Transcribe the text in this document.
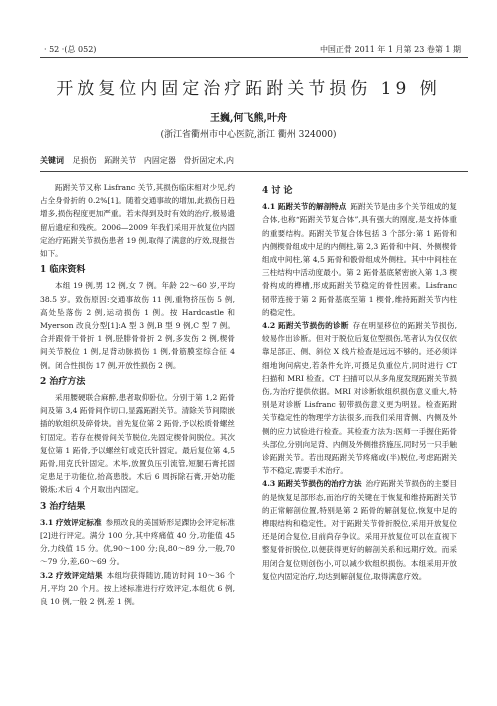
· 52 ·(总 052)	中国正骨 2011 年 1 月第 23 卷第 1 期
开放复位内固定治疗跖跗关节损伤 19 例
王巍,何飞熊,叶舟
(浙江省衢州市中心医院,浙江 衢州 324000)
关键词 足损伤 跖跗关节 内固定器 骨折固定术,内

跖跗关节又称 Lisfranc 关节,其损伤临床相对少见,约占全身骨折的 0.2%[1]。随着交通事故的增加,此损伤日趋增多,损伤程度更加严重。若未得到及时有效的治疗,极易遗留后遗症和残疾。2006—2009 年我们采用开放复位内固定治疗跖跗关节损伤患者 19 例,取得了满意的疗效,现报告如下。

1 临床资料

本组 19 例,男 12 例,女 7 例。年龄 22～60 岁,平均 38.5 岁。致伤原因:交通事故伤 11 例,重物挤压伤 5 例,高处坠落伤 2 例,运动损伤 1 例。按 Hardcastle 和 Myerson 改良分型[1]:A 型 3 例,B 型 9 例,C 型 7 例。合并跟骨干骨折 1 例,胫腓骨骨折 2 例,多发伤 2 例,楔骨间关节脱位 1 例,足背动脉损伤 1 例,骨筋膜室综合征 4 例。闭合性损伤 17 例,开放性损伤 2 例。

2 治疗方法

采用腰硬联合麻醉,患者取仰卧位。分别于第 1,2 跖骨间及第 3,4 跖骨间作切口,显露跖跗关节。清除关节间隙嵌插的软组织及碎骨块。首先复位第 2 跖骨,予以松质骨螺丝钉固定。若存在楔骨间关节脱位,先固定楔骨间脱位。其次复位第 1 跖骨,予以螺丝钉或克氏针固定。最后复位第 4,5 跖骨,用克氏针固定。术毕,放置负压引流管,短腿石膏托固定患足于功能位,抬高患肢。术后 6 周拆除石膏,开始功能锻炼;术后 4 个月取出内固定。

3 治疗结果

3.1 疗效评定标准 参照改良的美国矫形足踝协会评定标准[2]进行评定。满分 100 分,其中疼痛值 40 分,功能值 45 分,力线值 15 分。优,90～100 分;良,80～89 分,一般,70～79 分,差,60～69 分。

3.2 疗效评定结果 本组均获得随访,随访时间 10～36 个月,平均 20 个月。按上述标准进行疗效评定,本组优 6 例,良 10 例,一般 2 例,差 1 例。

4 讨 论

4.1 跖跗关节的解剖特点 跖跗关节是由多个关节组成的复合体,也称“跖跗关节复合体”,具有强大的刚度,是支持体重的重要结构。跖跗关节复合体包括 3 个部分:第 1 跖骨和内侧楔骨组成中足的内侧柱,第 2,3 跖骨和中间、外侧楔骨组成中间柱,第 4,5 跖骨和骰骨组成外侧柱。其中中间柱在三柱结构中活动度最小。第 2 跖骨基底紧密嵌入第 1,3 楔骨构成的榫槽,形成跖跗关节稳定的骨性因素。Lisfranc 韧带连接于第 2 跖骨基底至第 1 楔骨,维持跖跗关节内柱的稳定性。

4.2 跖跗关节损伤的诊断 存在明显移位的跖跗关节损伤,较易作出诊断。但对于脱位后复位型损伤,笔者认为仅仅依靠足部正、侧、斜位 X 线片检查是远远不够的。还必须详细地询问病史,若条件允许,可摄足负重位片,同时进行 CT 扫描和 MRI 检查。CT 扫描可以从多角度发现跖跗关节损伤,为治疗提供依据。MRI 对诊断软组织损伤意义重大,特别是对诊断 Lisfranc 韧带损伤意义更为明显。检查跖跗关节稳定性的物理学方法很多,而我们采用背侧、内侧及外侧的应力试验进行检查。其检查方法为:医师一手握住跖骨头部位,分别向足背、内侧及外侧推挤施压,同时另一只手触诊跖跗关节。若出现跖跗关节疼痛或(半)脱位,考虑跖跗关节不稳定,需要手术治疗。

4.3 跖跗关节损伤的治疗方法 治疗跖跗关节损伤的主要目的是恢复足部形态,而治疗的关键在于恢复和维持跖跗关节的正常解剖位置,特别是第 2 跖骨的解剖复位,恢复中足的榫眼结构和稳定性。对于跖跗关节骨折脱位,采用开放复位还是闭合复位,目前尚存争议。采用开放复位可以在直视下整复骨折脱位,以便获得更好的解剖关系和远期疗效。而采用闭合复位则创伤小,可以减少软组织损伤。本组采用开放复位内固定治疗,均达到解剖复位,取得满意疗效。
